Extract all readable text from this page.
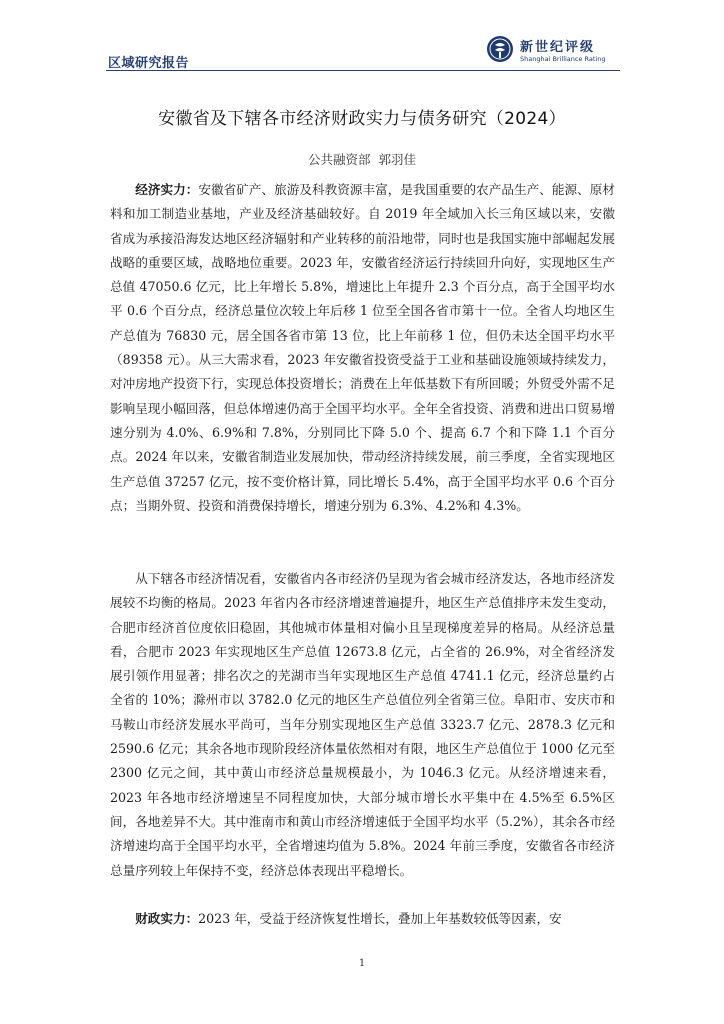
区域研究报告
新世纪评级
Shanghai Brilliance Rating
安徽省及下辖各市经济财政实力与债务研究（2024）
公共融资部 郭羽佳

经济实力：安徽省矿产、旅游及科教资源丰富，是我国重要的农产品生产、能源、原材料和加工制造业基地，产业及经济基础较好。自 2019 年全域加入长三角区域以来，安徽省成为承接沿海发达地区经济辐射和产业转移的前沿地带，同时也是我国实施中部崛起发展战略的重要区域，战略地位重要。2023 年，安徽省经济运行持续回升向好，实现地区生产总值 47050.6 亿元，比上年增长 5.8%，增速比上年提升 2.3 个百分点，高于全国平均水平 0.6 个百分点，经济总量位次较上年后移 1 位至全国各省市第十一位。全省人均地区生产总值为 76830 元，居全国各省市第 13 位，比上年前移 1 位，但仍未达全国平均水平（89358 元）。从三大需求看，2023 年安徽省投资受益于工业和基础设施领域持续发力，对冲房地产投资下行，实现总体投资增长；消费在上年低基数下有所回暖；外贸受外需不足影响呈现小幅回落，但总体增速仍高于全国平均水平。全年全省投资、消费和进出口贸易增速分别为 4.0%、6.9%和 7.8%，分别同比下降 5.0 个、提高 6.7 个和下降 1.1 个百分点。2024 年以来，安徽省制造业发展加快，带动经济持续发展，前三季度，全省实现地区生产总值 37257 亿元，按不变价格计算，同比增长 5.4%，高于全国平均水平 0.6 个百分点；当期外贸、投资和消费保持增长，增速分别为 6.3%、4.2%和 4.3%。

从下辖各市经济情况看，安徽省内各市经济仍呈现为省会城市经济发达，各地市经济发展较不均衡的格局。2023 年省内各市经济增速普遍提升，地区生产总值排序未发生变动，合肥市经济首位度依旧稳固，其他城市体量相对偏小且呈现梯度差异的格局。从经济总量看，合肥市 2023 年实现地区生产总值 12673.8 亿元，占全省的 26.9%，对全省经济发展引领作用显著；排名次之的芜湖市当年实现地区生产总值 4741.1 亿元，经济总量约占全省的 10%；滁州市以 3782.0 亿元的地区生产总值位列全省第三位。阜阳市、安庆市和马鞍山市经济发展水平尚可，当年分别实现地区生产总值 3323.7 亿元、2878.3 亿元和 2590.6 亿元；其余各地市现阶段经济体量依然相对有限，地区生产总值位于 1000 亿元至 2300 亿元之间，其中黄山市经济总量规模最小，为 1046.3 亿元。从经济增速来看，2023 年各地市经济增速呈不同程度加快，大部分城市增长水平集中在 4.5%至 6.5%区间，各地差异不大。其中淮南市和黄山市经济增速低于全国平均水平（5.2%），其余各市经济增速均高于全国平均水平，全省增速均值为 5.8%。2024 年前三季度，安徽省各市经济总量序列较上年保持不变，经济总体表现出平稳增长。

财政实力：2023 年，受益于经济恢复性增长，叠加上年基数较低等因素，安

1
